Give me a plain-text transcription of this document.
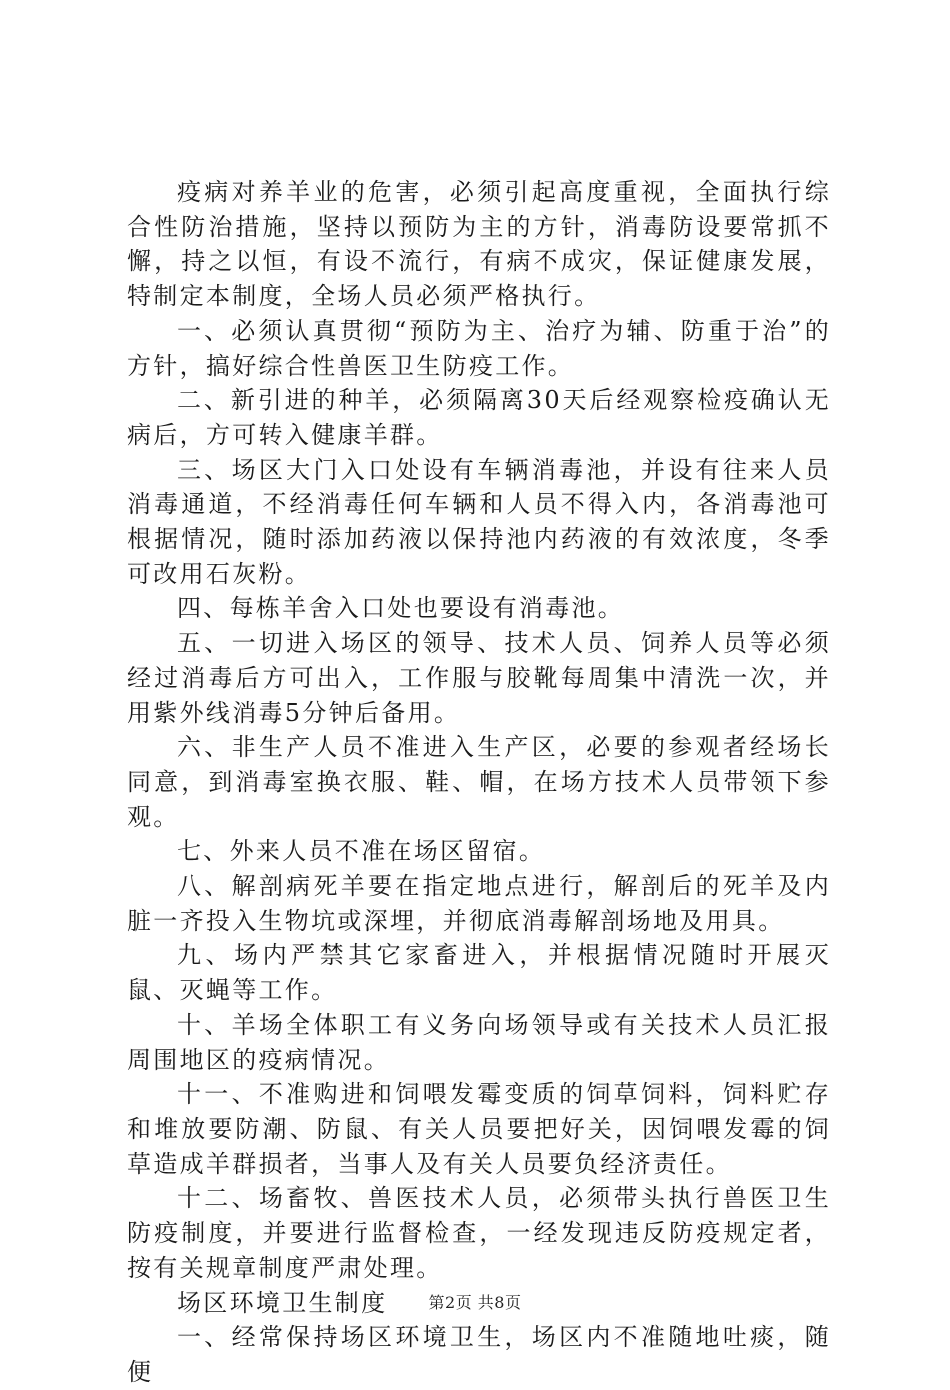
疫病对养羊业的危害，必须引起高度重视，全面执行综合性防治措施，坚持以预防为主的方针，消毒防设要常抓不懈，持之以恒，有设不流行，有病不成灾，保证健康发展，特制定本制度，全场人员必须严格执行。

一、必须认真贯彻“预防为主、治疗为辅、防重于治”的方针，搞好综合性兽医卫生防疫工作。

二、新引进的种羊，必须隔离30天后经观察检疫确认无病后，方可转入健康羊群。

三、场区大门入口处设有车辆消毒池，并设有往来人员消毒通道，不经消毒任何车辆和人员不得入内，各消毒池可根据情况，随时添加药液以保持池内药液的有效浓度，冬季可改用石灰粉。

四、每栋羊舍入口处也要设有消毒池。

五、一切进入场区的领导、技术人员、饲养人员等必须经过消毒后方可出入，工作服与胶靴每周集中清洗一次，并用紫外线消毒5分钟后备用。

六、非生产人员不准进入生产区，必要的参观者经场长同意，到消毒室换衣服、鞋、帽，在场方技术人员带领下参观。

七、外来人员不准在场区留宿。

八、解剖病死羊要在指定地点进行，解剖后的死羊及内脏一齐投入生物坑或深埋，并彻底消毒解剖场地及用具。

九、场内严禁其它家畜进入，并根据情况随时开展灭鼠、灭蝇等工作。

十、羊场全体职工有义务向场领导或有关技术人员汇报周围地区的疫病情况。

十一、不准购进和饲喂发霉变质的饲草饲料，饲料贮存和堆放要防潮、防鼠、有关人员要把好关，因饲喂发霉的饲草造成羊群损者，当事人及有关人员要负经济责任。

十二、场畜牧、兽医技术人员，必须带头执行兽医卫生防疫制度，并要进行监督检查，一经发现违反防疫规定者，按有关规章制度严肃处理。

场区环境卫生制度

一、经常保持场区环境卫生，场区内不准随地吐痰，随便

第2页 共8页
